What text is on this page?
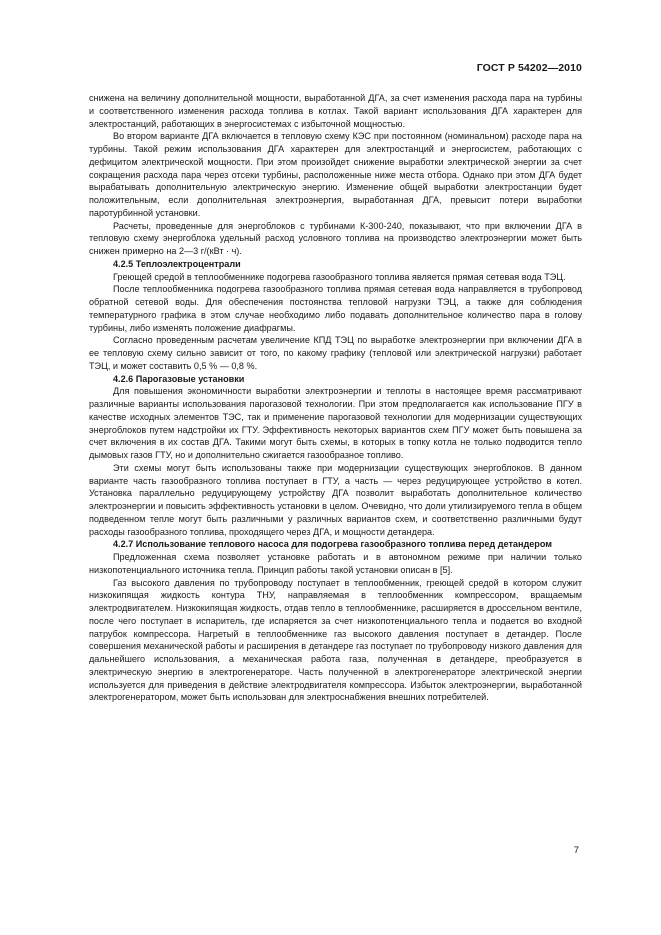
ГОСТ Р 54202—2010

снижена на величину дополнительной мощности, выработанной ДГА, за счет изменения расхода пара на турбины и соответственного изменения расхода топлива в котлах. Такой вариант использования ДГА характерен для электростанций, работающих в энергосистемах с избыточной мощностью.

Во втором варианте ДГА включается в тепловую схему КЭС при постоянном (номинальном) расходе пара на турбины. Такой режим использования ДГА характерен для электростанций и энергосистем, работающих с дефицитом электрической мощности. При этом произойдет снижение выработки электрической энергии за счет сокращения расхода пара через отсеки турбины, расположенные ниже места отбора. Однако при этом ДГА будет вырабатывать дополнительную электрическую энергию. Изменение общей выработки электростанции будет положительным, если дополнительная электроэнергия, выработанная ДГА, превысит потери выработки паротурбинной установки.

Расчеты, проведенные для энергоблоков с турбинами К-300-240, показывают, что при включении ДГА в тепловую схему энергоблока удельный расход условного топлива на производство электроэнергии может быть снижен примерно на 2—3 г/(кВт · ч).

4.2.5 Теплоэлектроцентрали

Греющей средой в теплообменнике подогрева газообразного топлива является прямая сетевая вода ТЭЦ.

После теплообменника подогрева газообразного топлива прямая сетевая вода направляется в трубопровод обратной сетевой воды. Для обеспечения постоянства тепловой нагрузки ТЭЦ, а также для соблюдения температурного графика в этом случае необходимо либо подавать дополнительное количество пара в голову турбины, либо изменять положение диафрагмы.

Согласно проведенным расчетам увеличение КПД ТЭЦ по выработке электроэнергии при включении ДГА в ее тепловую схему сильно зависит от того, по какому графику (тепловой или электрической нагрузки) работает ТЭЦ, и может составить 0,5 % — 0,8 %.

4.2.6 Парогазовые установки

Для повышения экономичности выработки электроэнергии и теплоты в настоящее время рассматривают различные варианты использования парогазовой технологии. При этом предполагается как использование ПГУ в качестве исходных элементов ТЭС, так и применение парогазовой технологии для модернизации существующих энергоблоков путем надстройки их ГТУ. Эффективность некоторых вариантов схем ПГУ может быть повышена за счет включения в их состав ДГА. Такими могут быть схемы, в которых в топку котла не только подводится тепло дымовых газов ГТУ, но и дополнительно сжигается газообразное топливо.

Эти схемы могут быть использованы также при модернизации существующих энергоблоков. В данном варианте часть газообразного топлива поступает в ГТУ, а часть — через редуцирующее устройство в котел. Установка параллельно редуцирующему устройству ДГА позволит выработать дополнительное количество электроэнергии и повысить эффективность установки в целом. Очевидно, что доли утилизируемого тепла в общем подведенном тепле могут быть различными у различных вариантов схем, и соответственно различными будут расходы газообразного топлива, проходящего через ДГА, и мощности детандера.

4.2.7 Использование теплового насоса для подогрева газообразного топлива перед детандером

Предложенная схема позволяет установке работать и в автономном режиме при наличии только низкопотенциального источника тепла. Принцип работы такой установки описан в [5].

Газ высокого давления по трубопроводу поступает в теплообменник, греющей средой в котором служит низкокипящая жидкость контура ТНУ, направляемая в теплообменник компрессором, вращаемым электродвигателем. Низкокипящая жидкость, отдав тепло в теплообменнике, расширяется в дроссельном вентиле, после чего поступает в испаритель, где испаряется за счет низкопотенциального тепла и подается во входной патрубок компрессора. Нагретый в теплообменнике газ высокого давления поступает в детандер. После совершения механической работы и расширения в детандере газ поступает по трубопроводу низкого давления для дальнейшего использования, а механическая работа газа, полученная в детандере, преобразуется в электрическую энергию в электрогенераторе. Часть полученной в электрогенераторе электрической энергии используется для приведения в действие электродвигателя компрессора. Избыток электроэнергии, выработанной электрогенератором, может быть использован для электроснабжения внешних потребителей.

7
